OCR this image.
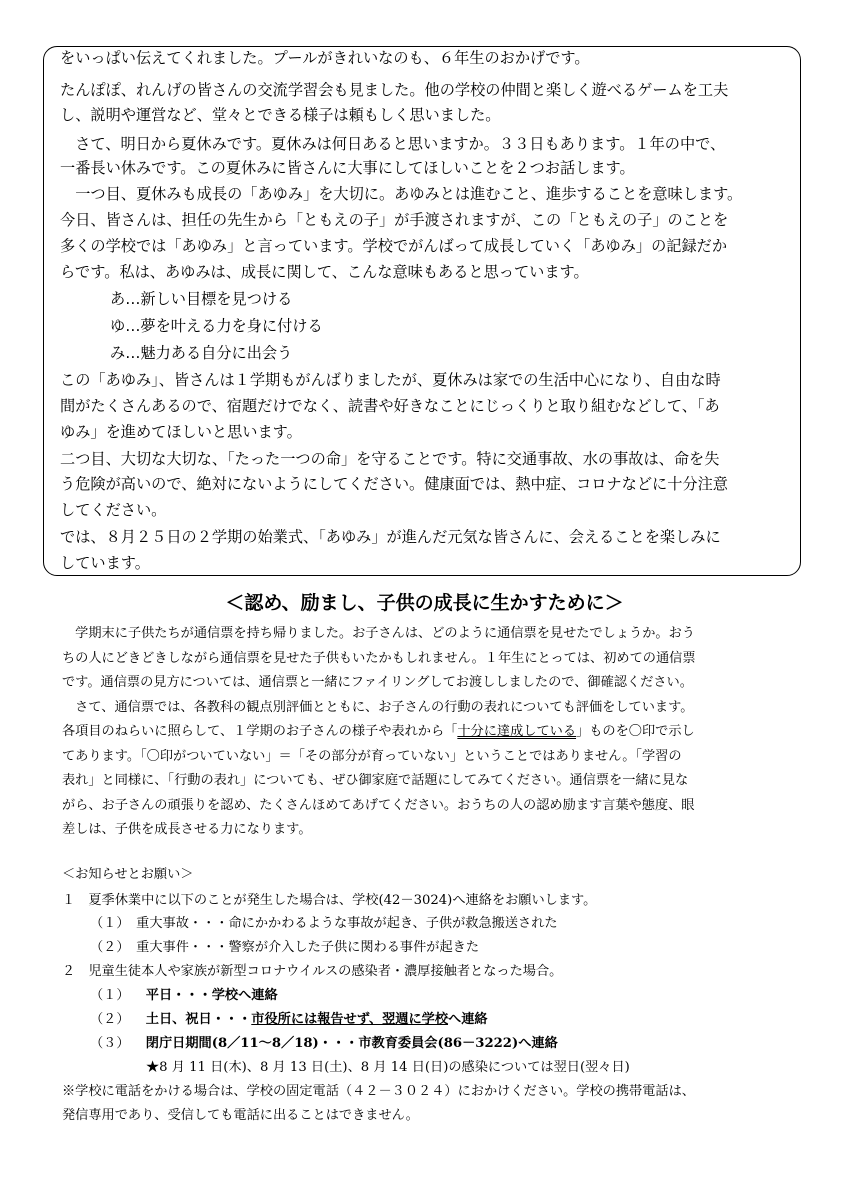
をいっぱい伝えてくれました。プールがきれいなのも、６年生のおかげです。
たんぽぽ、れんげの皆さんの交流学習会も見ました。他の学校の仲間と楽しく遊べるゲームを工夫
し、説明や運営など、堂々とできる様子は頼もしく思いました。
　さて、明日から夏休みです。夏休みは何日あると思いますか。３３日もあります。１年の中で、
一番長い休みです。この夏休みに皆さんに大事にしてほしいことを２つお話します。
　一つ目、夏休みも成長の「あゆみ」を大切に。あゆみとは進むこと、進歩することを意味します。
今日、皆さんは、担任の先生から「ともえの子」が手渡されますが、この「ともえの子」のことを
多くの学校では「あゆみ」と言っています。学校でがんばって成長していく「あゆみ」の記録だか
らです。私は、あゆみは、成長に関して、こんな意味もあると思っています。
あ…新しい目標を見つける
ゆ…夢を叶える力を身に付ける
み…魅力ある自分に出会う
この「あゆみ」、皆さんは１学期もがんばりましたが、夏休みは家での生活中心になり、自由な時
間がたくさんあるので、宿題だけでなく、読書や好きなことにじっくりと取り組むなどして、「あ
ゆみ」を進めてほしいと思います。
二つ目、大切な大切な、「たった一つの命」を守ることです。特に交通事故、水の事故は、命を失
う危険が高いので、絶対にないようにしてください。健康面では、熱中症、コロナなどに十分注意
してください。
では、８月２５日の２学期の始業式、「あゆみ」が進んだ元気な皆さんに、会えることを楽しみに
しています。
＜認め、励まし、子供の成長に生かすために＞
　学期末に子供たちが通信票を持ち帰りました。お子さんは、どのように通信票を見せたでしょうか。おう
ちの人にどきどきしながら通信票を見せた子供もいたかもしれません。１年生にとっては、初めての通信票
です。通信票の見方については、通信票と一緒にファイリングしてお渡ししましたので、御確認ください。
　さて、通信票では、各教科の観点別評価とともに、お子さんの行動の表れについても評価をしています。
各項目のねらいに照らして、１学期のお子さんの様子や表れから「十分に達成している」ものを〇印で示し
てあります。「〇印がついていない」＝「その部分が育っていない」ということではありません。「学習の
表れ」と同様に、「行動の表れ」についても、ぜひ御家庭で話題にしてみてください。通信票を一緒に見な
がら、お子さんの頑張りを認め、たくさんほめてあげてください。おうちの人の認め励ます言葉や態度、眼
差しは、子供を成長させる力になります。
＜お知らせとお願い＞
１　夏季休業中に以下のことが発生した場合は、学校(42－3024)へ連絡をお願いします。
（１）　重大事故・・・命にかかわるような事故が起き、子供が救急搬送された
（２）　重大事件・・・警察が介入した子供に関わる事件が起きた
２　児童生徒本人や家族が新型コロナウイルスの感染者・濃厚接触者となった場合。
（１） 平日・・・学校へ連絡
（２） 土日、祝日・・・市役所には報告せず、翌週に学校へ連絡
（３） 閉庁日期間(8／11～8／18)・・・市教育委員会(86－3222)へ連絡
★8 月 11 日(木)、8 月 13 日(土)、8 月 14 日(日)の感染については翌日(翌々日)
※学校に電話をかける場合は、学校の固定電話（４２－３０２４）におかけください。学校の携帯電話は、
発信専用であり、受信しても電話に出ることはできません。
